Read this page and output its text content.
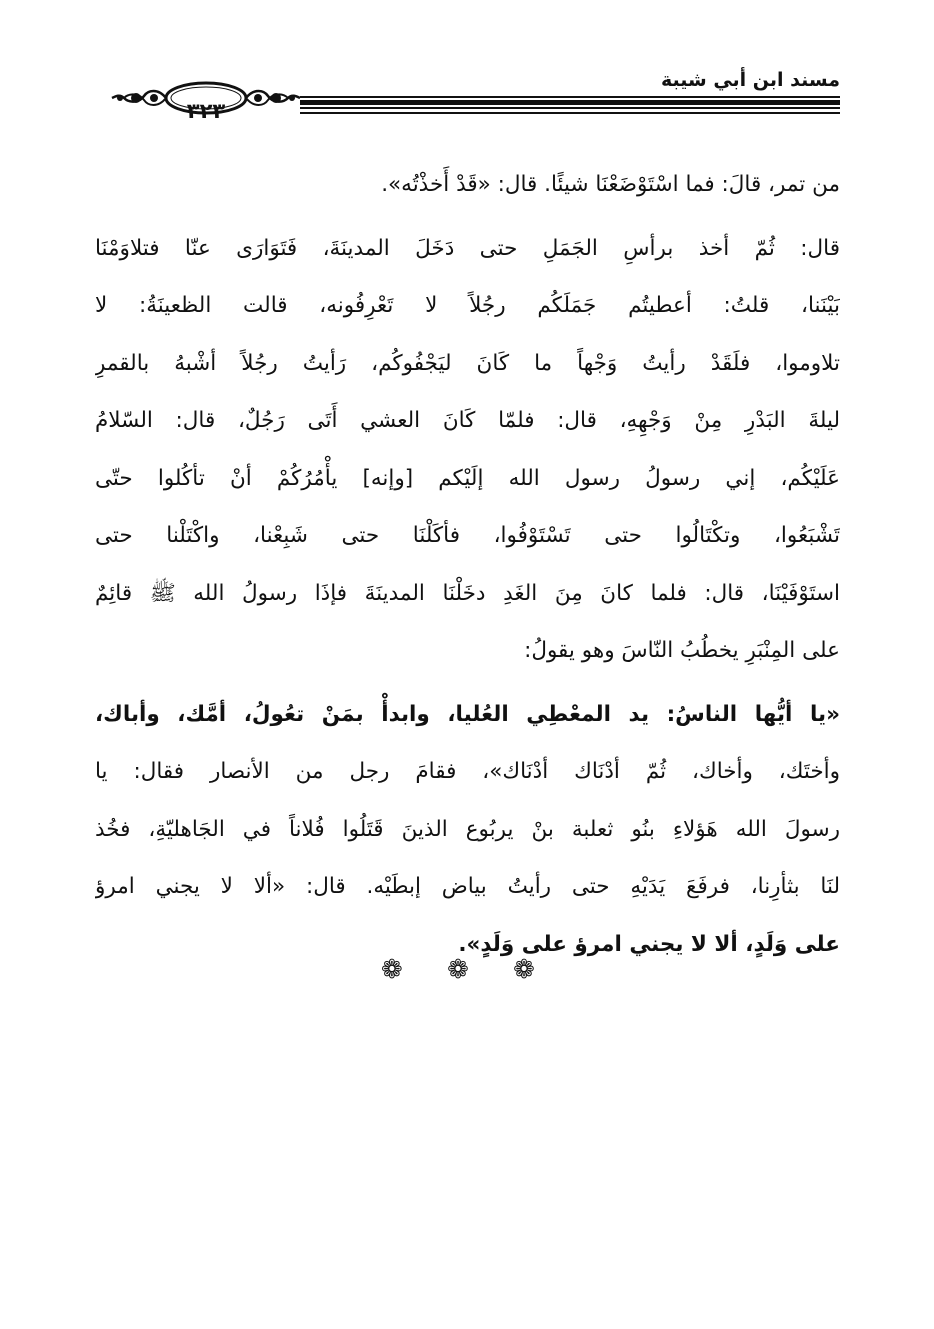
مسند ابن أبي شيبة
٣٢٣
من تمر، قالَ: فما اسْتَوْضَعْنَا شيئًا. قال: «قَدْ أَخذْتُه».
قال: ثُمّ أخذ برأسِ الجَمَلِ حتى دَخَلَ المدينَةَ، فَتَوَارَى عنّا فتلاوَمْنَا
بَيْنَنا، قلتُ: أعطيتُم جَمَلَكُم رجُلاً لا تَعْرِفُونه، قالت الظعينَةُ: لا
تلاوموا، فلَقَدْ رأيتُ وَجْهاً ما كَانَ ليَجْفُوكُم، رَأيتُ رجُلاً أشْبهُ بالقمرِ
ليلةَ البَدْرِ مِنْ وَجْهِهِ، قال: فلمّا كَانَ العشي أَتَى رَجُلٌ، قال: السّلامُ
عَلَيْكُم، إني رسولُ رسول الله إلَيْكم [وإنه] يأْمُرُكُمْ أنْ تأكُلوا حتّى
تَشْبَعُوا، وتكْتَالُوا حتى تَسْتَوْفُوا، فأكَلْنَا حتى شَبِعْنا، واكْتَلْنا حتى
استَوْفَيْنَا، قال: فلما كانَ مِنَ الغَدِ دخَلْنَا المدينَةَ فإذَا رسولُ الله ﷺ قائِمٌ
على المِنْبَرِ يخطُبُ النّاسَ وهو يقولُ:
«يا أيُّها الناسُ: يد المعْطِي العُليا، وابدأْ بمَنْ تعُولُ، أمَّك، وأباك،
وأختَك، وأخاك، ثُمّ أدْنَاك أدْنَاك»، فقامَ رجل من الأنصار فقال: يا
رسولَ الله هَؤلاءِ بنُو ثعلبة بنْ يربُوع الذينَ قَتَلُوا فُلاناً في الجَاهليّةِ، فخُذ
لنَا بثأرِنا، فرفَعَ يَدَيْهِ حتى رأيتُ بياض إبطَيْه. قال: «ألا لا يجني امرؤ
على وَلَدٍ، ألا لا يجني امرؤ على وَلَدٍ».
❁ ❁ ❁
